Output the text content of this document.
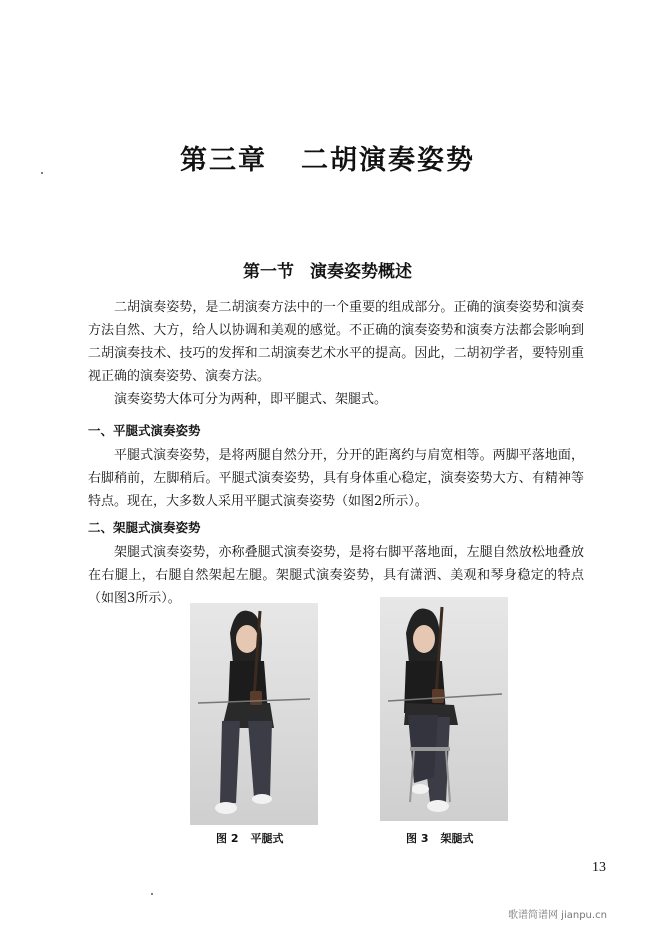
第三章 二胡演奏姿势
第一节 演奏姿势概述

二胡演奏姿势，是二胡演奏方法中的一个重要的组成部分。正确的演奏姿势和演奏方法自然、大方，给人以协调和美观的感觉。不正确的演奏姿势和演奏方法都会影响到二胡演奏技术、技巧的发挥和二胡演奏艺术水平的提高。因此，二胡初学者，要特别重视正确的演奏姿势、演奏方法。

演奏姿势大体可分为两种，即平腿式、架腿式。

一、平腿式演奏姿势

平腿式演奏姿势，是将两腿自然分开，分开的距离约与肩宽相等。两脚平落地面，右脚稍前，左脚稍后。平腿式演奏姿势，具有身体重心稳定，演奏姿势大方、有精神等特点。现在，大多数人采用平腿式演奏姿势（如图2所示）。

二、架腿式演奏姿势

架腿式演奏姿势，亦称叠腿式演奏姿势，是将右脚平落地面，左腿自然放松地叠放在右腿上，右腿自然架起左腿。架腿式演奏姿势，具有潇洒、美观和琴身稳定的特点（如图3所示）。

图 2 平腿式	图 3 架腿式
13
歌谱简谱网 jianpu.cn
